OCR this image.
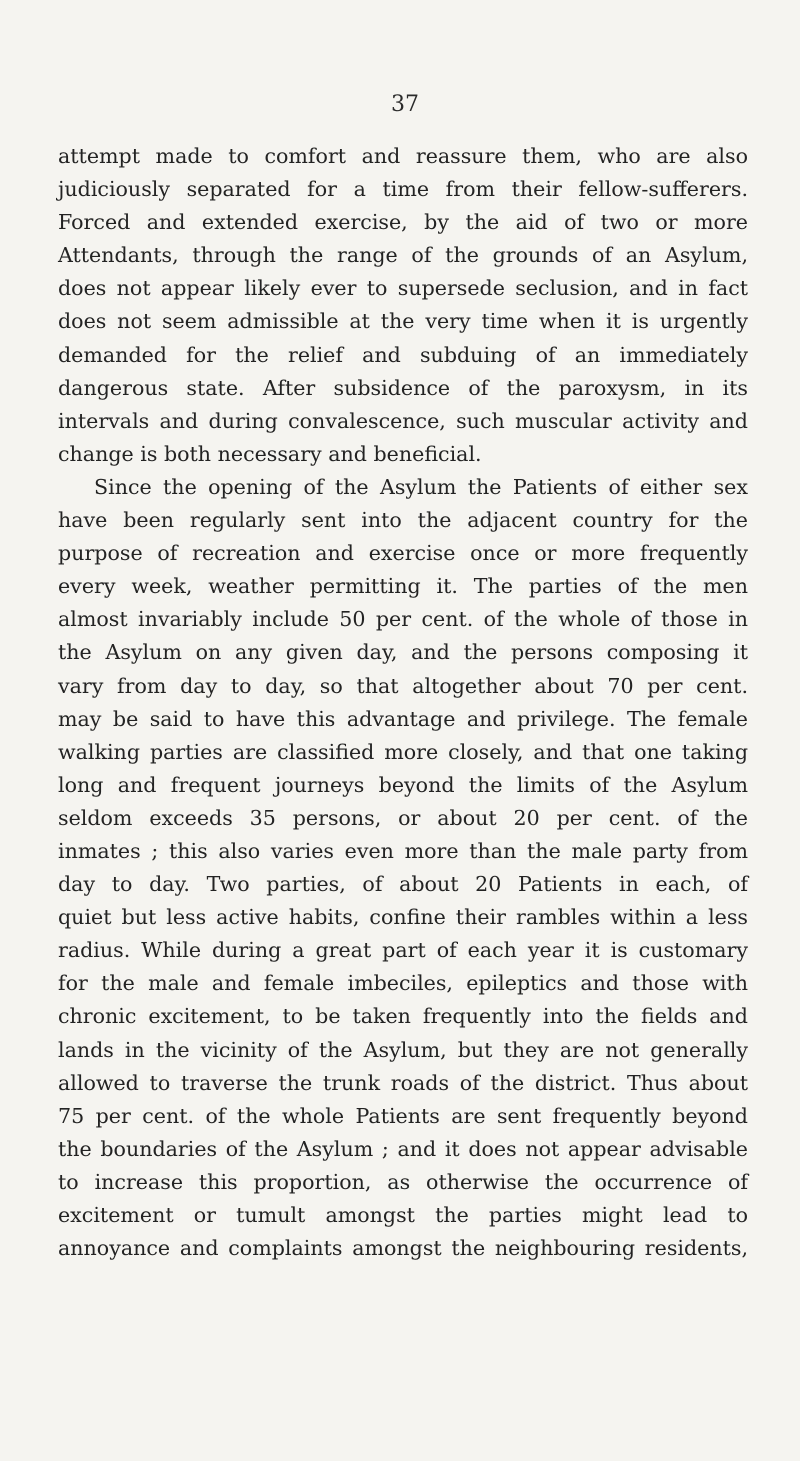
37
attempt made to comfort and reassure them, who are also
judiciously separated for a time from their fellow-sufferers.
Forced and extended exercise, by the aid of two or more
Attendants, through the range of the grounds of an Asylum,
does not appear likely ever to supersede seclusion, and in fact
does not seem admissible at the very time when it is urgently
demanded for the relief and subduing of an immediately
dangerous state. After subsidence of the paroxysm, in its
intervals and during convalescence, such muscular activity and
change is both necessary and beneficial.
Since the opening of the Asylum the Patients of either sex
have been regularly sent into the adjacent country for the
purpose of recreation and exercise once or more frequently
every week, weather permitting it. The parties of the men
almost invariably include 50 per cent. of the whole of those in
the Asylum on any given day, and the persons composing it
vary from day to day, so that altogether about 70 per cent.
may be said to have this advantage and privilege. The female
walking parties are classified more closely, and that one taking
long and frequent journeys beyond the limits of the Asylum
seldom exceeds 35 persons, or about 20 per cent. of the
inmates ; this also varies even more than the male party from
day to day. Two parties, of about 20 Patients in each, of
quiet but less active habits, confine their rambles within a less
radius. While during a great part of each year it is customary
for the male and female imbeciles, epileptics and those with
chronic excitement, to be taken frequently into the fields and
lands in the vicinity of the Asylum, but they are not generally
allowed to traverse the trunk roads of the district. Thus about
75 per cent. of the whole Patients are sent frequently beyond
the boundaries of the Asylum ; and it does not appear advisable
to increase this proportion, as otherwise the occurrence of
excitement or tumult amongst the parties might lead to
annoyance and complaints amongst the neighbouring residents,
